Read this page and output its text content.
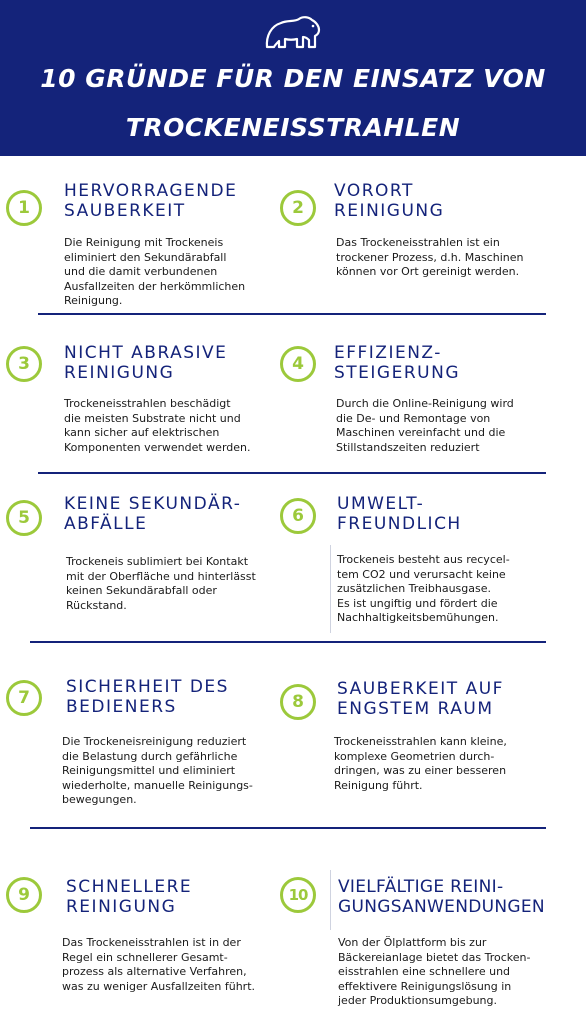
10 GRÜNDE FÜR DEN EINSATZ VON
TROCKENEISSTRAHLEN
1
HERVORRAGENDE
SAUBERKEIT
Die Reinigung mit Trockeneis
eliminiert den Sekundärabfall
und die damit verbundenen
Ausfallzeiten der herkömmlichen
Reinigung.
2
VORORT
REINIGUNG
Das Trockeneisstrahlen ist ein
trockener Prozess, d.h. Maschinen
können vor Ort gereinigt werden.
3
NICHT ABRASIVE
REINIGUNG
Trockeneisstrahlen beschädigt
die meisten Substrate nicht und
kann sicher auf elektrischen
Komponenten verwendet werden.
4
EFFIZIENZ-
STEIGERUNG
Durch die Online-Reinigung wird
die De- und Remontage von
Maschinen vereinfacht und die
Stillstandszeiten reduziert
5
KEINE SEKUNDÄR-
ABFÄLLE
Trockeneis sublimiert bei Kontakt
mit der Oberfläche und hinterlässt
keinen Sekundärabfall oder
Rückstand.
6
UMWELT-
FREUNDLICH
Trockeneis besteht aus recycel-
tem CO2 und verursacht keine
zusätzlichen Treibhausgase.
Es ist ungiftig und fördert die
Nachhaltigkeitsbemühungen.
7
SICHERHEIT DES
BEDIENERS
Die Trockeneisreinigung reduziert
die Belastung durch gefährliche
Reinigungsmittel und eliminiert
wiederholte, manuelle Reinigungs-
bewegungen.
8
SAUBERKEIT AUF
ENGSTEM RAUM
Trockeneisstrahlen kann kleine,
komplexe Geometrien durch-
dringen, was zu einer besseren
Reinigung führt.
9	SCHNELLERE
REINIGUNG
Das Trockeneisstrahlen ist in der
Regel ein schnellerer Gesamt-
prozess als alternative Verfahren,
was zu weniger Ausfallzeiten führt.
10	VIELFÄLTIGE REINI-
GUNGSANWENDUNGEN
Von der Ölplattform bis zur
Bäckereianlage bietet das Trocken-
eisstrahlen eine schnellere und
effektivere Reinigungslösung in
jeder Produktionsumgebung.
